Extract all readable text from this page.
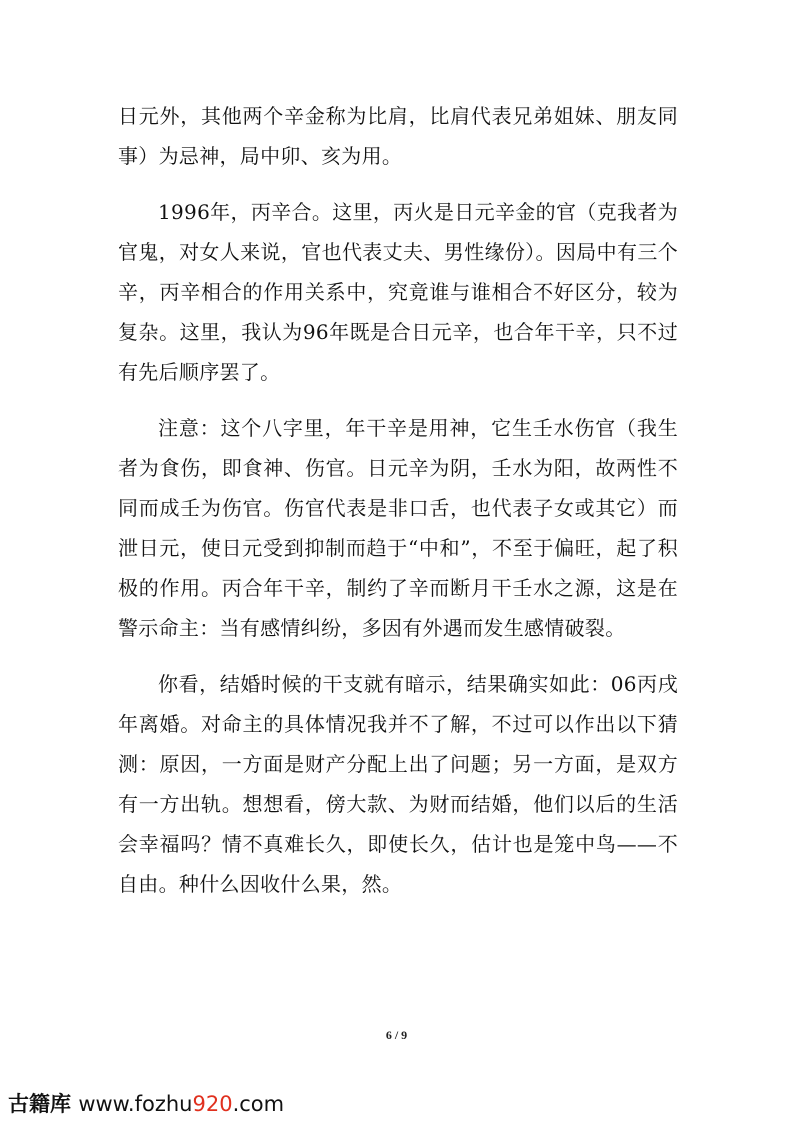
日元外，其他两个辛金称为比肩，比肩代表兄弟姐妹、朋友同事）为忌神，局中卯、亥为用。

1996年，丙辛合。这里，丙火是日元辛金的官（克我者为官鬼，对女人来说，官也代表丈夫、男性缘份）。因局中有三个辛，丙辛相合的作用关系中，究竟谁与谁相合不好区分，较为复杂。这里，我认为96年既是合日元辛，也合年干辛，只不过有先后顺序罢了。

注意：这个八字里，年干辛是用神，它生壬水伤官（我生者为食伤，即食神、伤官。日元辛为阴，壬水为阳，故两性不同而成壬为伤官。伤官代表是非口舌，也代表子女或其它）而泄日元，使日元受到抑制而趋于“中和”，不至于偏旺，起了积极的作用。丙合年干辛，制约了辛而断月干壬水之源，这是在警示命主：当有感情纠纷，多因有外遇而发生感情破裂。

你看，结婚时候的干支就有暗示，结果确实如此：06丙戌年离婚。对命主的具体情况我并不了解，不过可以作出以下猜测：原因，一方面是财产分配上出了问题；另一方面，是双方有一方出轨。想想看，傍大款、为财而结婚，他们以后的生活会幸福吗？情不真难长久，即使长久，估计也是笼中鸟——不自由。种什么因收什么果，然。

6 / 9
古籍库 www.fozhu920.com
